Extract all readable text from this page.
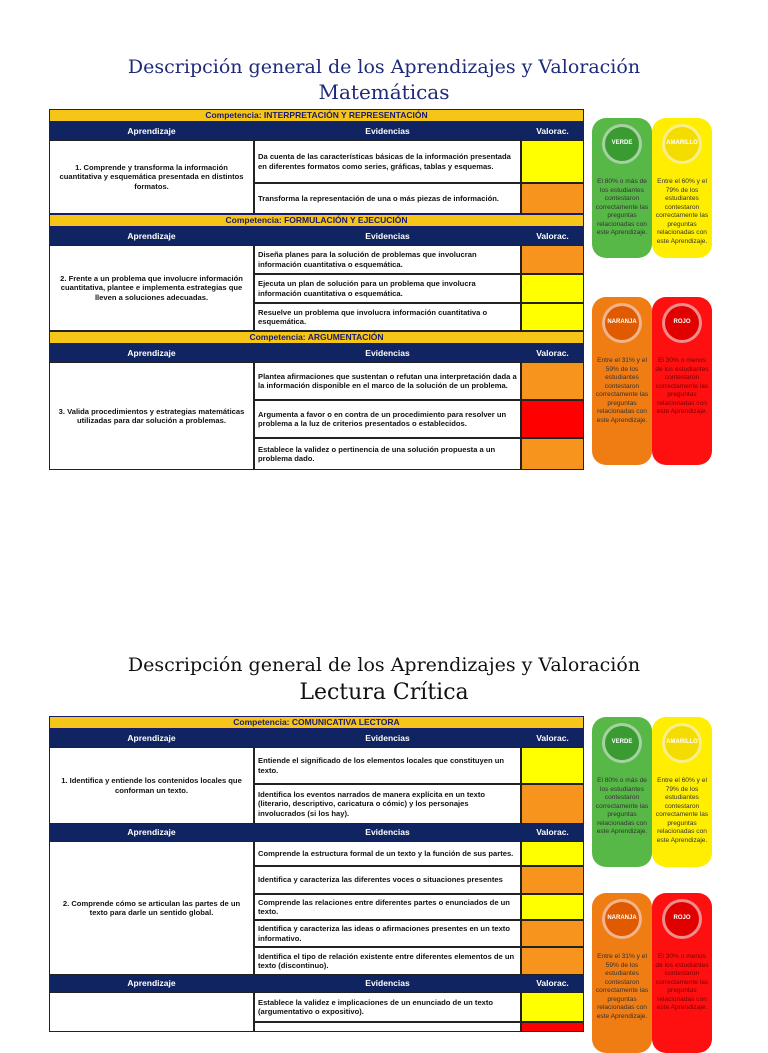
Descripción general de los Aprendizajes y Valoración
Matemáticas
Competencia: INTERPRETACIÓN Y REPRESENTACIÓN
Aprendizaje	Evidencias	Valorac.
1. Comprende y transforma la información cuantitativa y esquemática presentada en distintos formatos.
Da cuenta de las características básicas de la información presentada en diferentes formatos como series, gráficas, tablas y esquemas.
Transforma la representación de una o más piezas de información.
Competencia: FORMULACIÓN Y EJECUCIÓN
Aprendizaje	Evidencias	Valorac.
2. Frente a un problema que involucre información cuantitativa, plantee e implementa estrategias que lleven a soluciones adecuadas.
Diseña planes para la solución de problemas que involucran información cuantitativa o esquemática.
Ejecuta un plan de solución para un problema que involucra información cuantitativa o esquemática.
Resuelve un problema que involucra información cuantitativa o esquemática.
Competencia: ARGUMENTACIÓN
Aprendizaje	Evidencias	Valorac.
3. Valida procedimientos y estrategias matemáticas utilizadas para dar solución a problemas.
Plantea afirmaciones que sustentan o refutan una interpretación dada a la información disponible en el marco de la solución de un problema.
Argumenta a favor o en contra de un procedimiento para resolver un problema a la luz de criterios presentados o establecidos.
Establece la validez o pertinencia de una solución propuesta a un problema dado.
VERDE
El 80% o más de los estudiantes contestaron correctamente las preguntas relacionadas con este Aprendizaje.
AMARILLO
Entre el 60% y el 79% de los estudiantes contestaron correctamente las preguntas relacionadas con este Aprendizaje.
NARANJA
Entre el 31% y el 59% de los estudiantes contestaron correctamente las preguntas relacionadas con este Aprendizaje.
ROJO
El 30% o menos de los estudiantes contestaron correctamente las preguntas relacionadas con este Aprendizaje.
Descripción general de los Aprendizajes y Valoración
Lectura Crítica
Competencia: COMUNICATIVA LECTORA
Aprendizaje	Evidencias	Valorac.
1. Identifica y entiende los contenidos locales que conforman un texto.
Entiende el significado de los elementos locales que constituyen un texto.
Identifica los eventos narrados de manera explícita en un texto (literario, descriptivo, caricatura o cómic) y los personajes involucrados (si los hay).
Aprendizaje	Evidencias	Valorac.
2. Comprende cómo se articulan las partes de un texto para darle un sentido global.
Comprende la estructura formal de un texto y la función de sus partes.
Identifica y caracteriza las diferentes voces o situaciones presentes
Comprende las relaciones entre diferentes partes o enunciados de un texto.
Identifica y caracteriza las ideas o afirmaciones presentes en un texto informativo.
Identifica el tipo de relación existente entre diferentes elementos de un texto (discontinuo).
Aprendizaje	Evidencias	Valorac.
Establece la validez e implicaciones de un enunciado de un texto (argumentativo o expositivo).
VERDE
El 80% o más de los estudiantes contestaron correctamente las preguntas relacionadas con este Aprendizaje.
AMARILLO
Entre el 60% y el 79% de los estudiantes contestaron correctamente las preguntas relacionadas con este Aprendizaje.
NARANJA
Entre el 31% y el 59% de los estudiantes contestaron correctamente las preguntas relacionadas con este Aprendizaje.
ROJO
El 30% o menos de los estudiantes contestaron correctamente las preguntas relacionadas con este Aprendizaje.
